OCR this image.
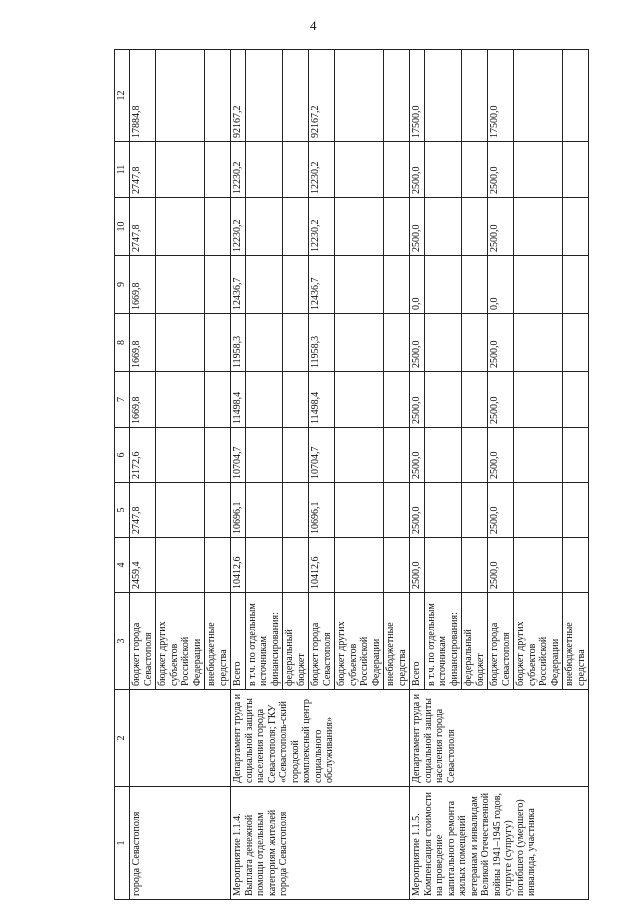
4
1	2	3	4	5	6	7	8	9	10	11	12
города Севастополя		бюджет города Севастополя	2459,4	2747,8	2172,6	1669,8	1669,8	1669,8	2747,8	2747,8	17884,8
		бюджет других субъектов Российской Федерации									
		внебюджетные средства									
Мероприятие 1.1.4. Выплата денежной помощи отдельным категориям жителей города Севастополя	Департамент труда и социальной защиты населения города Севастополя; ГКУ «Севастополь-ский городской комплексный центр социального обслуживания»	Всего	10412,6	10696,1	10704,7	11498,4	11958,3	12436,7	12230,2	12230,2	92167,2
		в т.ч. по отдельным источникам финансирования:									
		федеральный бюджет									
		бюджет города Севастополя	10412,6	10696,1	10704,7	11498,4	11958,3	12436,7	12230,2	12230,2	92167,2
		бюджет других субъектов Российской Федерации									
		внебюджетные средства									
Мероприятие 1.1.5. Компенсация стоимости на проведение капитального ремонта жилых помещений ветеранам и инвалидам Великой Отечественной войны 1941–1945 годов, супруге (супругу) погибшего (умершего) инвалида, участника	Департамент труда и социальной защиты населения города Севастополя	Всего	2500,0	2500,0	2500,0	2500,0	2500,0	0,0	2500,0	2500,0	17500,0
		в т.ч. по отдельным источникам финансирования:									
		федеральный бюджет									
		бюджет города Севастополя	2500,0	2500,0	2500,0	2500,0	2500,0	0,0	2500,0	2500,0	17500,0
		бюджет других субъектов Российской Федерации									
		внебюджетные средства									
